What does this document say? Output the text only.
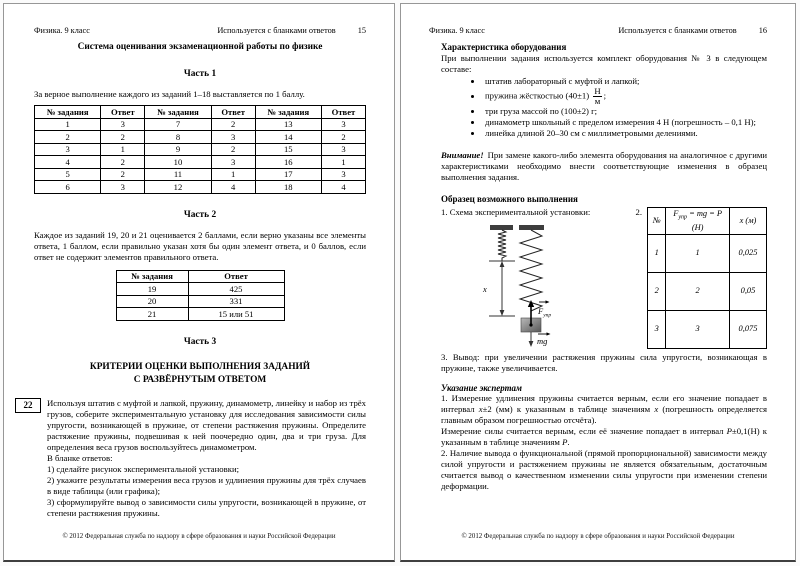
Физика. 9 класс	Используется с бланками ответов	15
Система оценивания экзаменационной работы по физике
Часть 1

За верное выполнение каждого из заданий 1–18 выставляется по 1 баллу.

№ задания	Ответ	№ задания	Ответ	№ задания	Ответ
1	3	7	2	13	3
2	2	8	3	14	2
3	1	9	2	15	3
4	2	10	3	16	1
5	2	11	1	17	3
6	3	12	4	18	4
Часть 2

Каждое из заданий 19, 20 и 21 оценивается 2 баллами, если верно указаны все элементы ответа, 1 баллом, если правильно указан хотя бы один элемент ответа, и 0 баллов, если ответ не содержит элементов правильного ответа.

№ задания	Ответ
19	425
20	331
21	15 или 51
Часть 3
КРИТЕРИИ ОЦЕНКИ ВЫПОЛНЕНИЯ ЗАДАНИЙ
С РАЗВЁРНУТЫМ ОТВЕТОМ
22	Используя штатив с муфтой и лапкой, пружину, динамометр, линейку и набор из трёх грузов, соберите экспериментальную установку для исследования зависимости силы упругости, возникающей в пружине, от степени растяжения пружины. Определите растяжение пружины, подвешивая к ней поочередно один, два и три груза. Для определения веса грузов воспользуйтесь динамометром.

В бланке ответов:

1) сделайте рисунок экспериментальной установки;

2) укажите результаты измерения веса грузов и удлинения пружины для трёх случаев в виде таблицы (или графика);

3) сформулируйте вывод о зависимости силы упругости, возникающей в пружине, от степени растяжения пружины.

© 2012 Федеральная служба по надзору в сфере образования и науки Российской Федерации
Физика. 9 класс	Используется с бланками ответов	16
Характеристика оборудования

При выполнении задания используется комплект оборудования № 3 в следующем составе:

• штатив лабораторный с муфтой и лапкой;
• пружина жёсткостью $(40\pm 1) \frac{Н}{м}$ ;
• три груза массой по (100±2) г;
• динамометр школьный с пределом измерения 4 Н (погрешность – 0,1 Н);
• линейка длиной 20–30 см с миллиметровыми делениями.

Внимание! При замене какого-либо элемента оборудования на аналогичное с другими характеристиками необходимо внести соответствующие изменения в образец выполнения задания.

Образец возможного выполнения
1. Схема экспериментальной установки:
x
$F_{упр}$
mg
2.
№	$F_{упр}$ = mg = P (Н)	x (м)
1	1	0,025
2	2	0,05
3	3	0,075

3. Вывод: при увеличении растяжения пружины сила упругости, возникающая в пружине, также увеличивается.

Указание экспертам

1. Измерение удлинения пружины считается верным, если его значение попадает в интервал x±2 (мм) к указанным в таблице значениям x (погрешность определяется главным образом погрешностью отсчёта).

Измерение силы считается верным, если её значение попадает в интервал P±0,1(Н) к указанным в таблице значениям P.

2. Наличие вывода о функциональной (прямой пропорциональной) зависимости между силой упругости и растяжением пружины не является обязательным, достаточным считается вывод о качественном изменении силы упругости при изменении степени деформации.

© 2012 Федеральная служба по надзору в сфере образования и науки Российской Федерации
